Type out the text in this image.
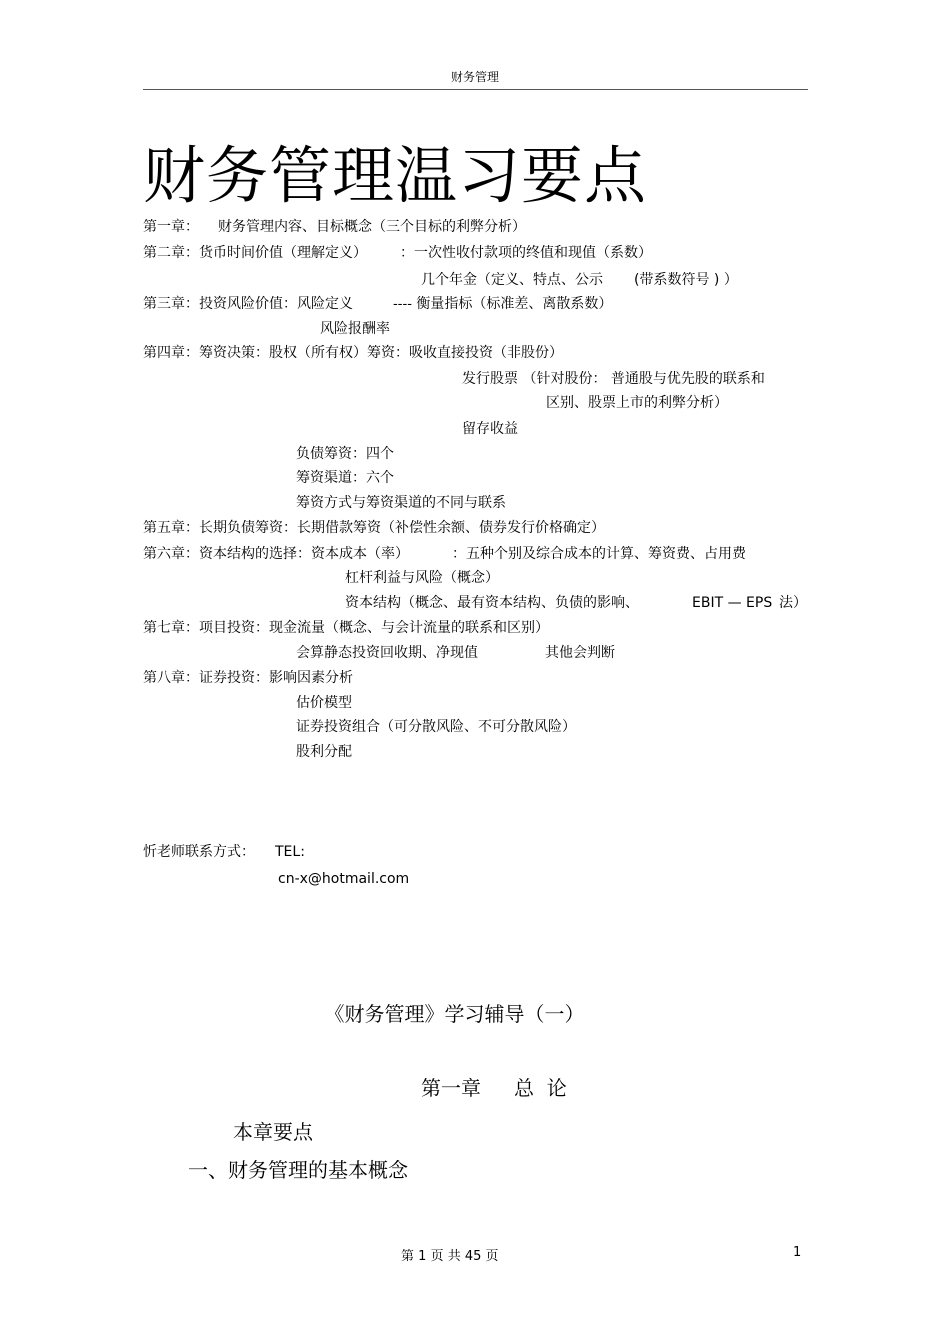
财务管理
财务管理温习要点
第一章： 财务管理内容、目标概念（三个目标的利弊分析）
第二章：货币时间价值（理解定义） ：一次性收付款项的终值和现值（系数）
几个年金（定义、特点、公示 (带系数符号 ) ）
第三章：投资风险价值：风险定义	---- 衡量指标（标准差、离散系数）
风险报酬率
第四章：筹资决策：股权（所有权）筹资：吸收直接投资（非股份）
发行股票 （针对股份： 普通股与优先股的联系和
区别、股票上市的利弊分析）
留存收益
负债筹资：四个
筹资渠道：六个
筹资方式与筹资渠道的不同与联系
第五章：长期负债筹资：长期借款筹资（补偿性余额、债券发行价格确定）
第六章：资本结构的选择：资本成本（率）	：五种个别及综合成本的计算、筹资费、占用费
杠杆利益与风险（概念）
资本结构（概念、最有资本结构、负债的影响、	EBIT — EPS 法）
第七章：项目投资：现金流量（概念、与会计流量的联系和区别）
会算静态投资回收期、净现值	其他会判断
第八章：证券投资：影响因素分析
估价模型
证券投资组合（可分散风险、不可分散风险）
股利分配
忻老师联系方式： TEL:
cn-x@hotmail.com
《财务管理》学习辅导（一）
第一章 总  论
本章要点
一、财务管理的基本概念
第 1 页 共 45 页	1
